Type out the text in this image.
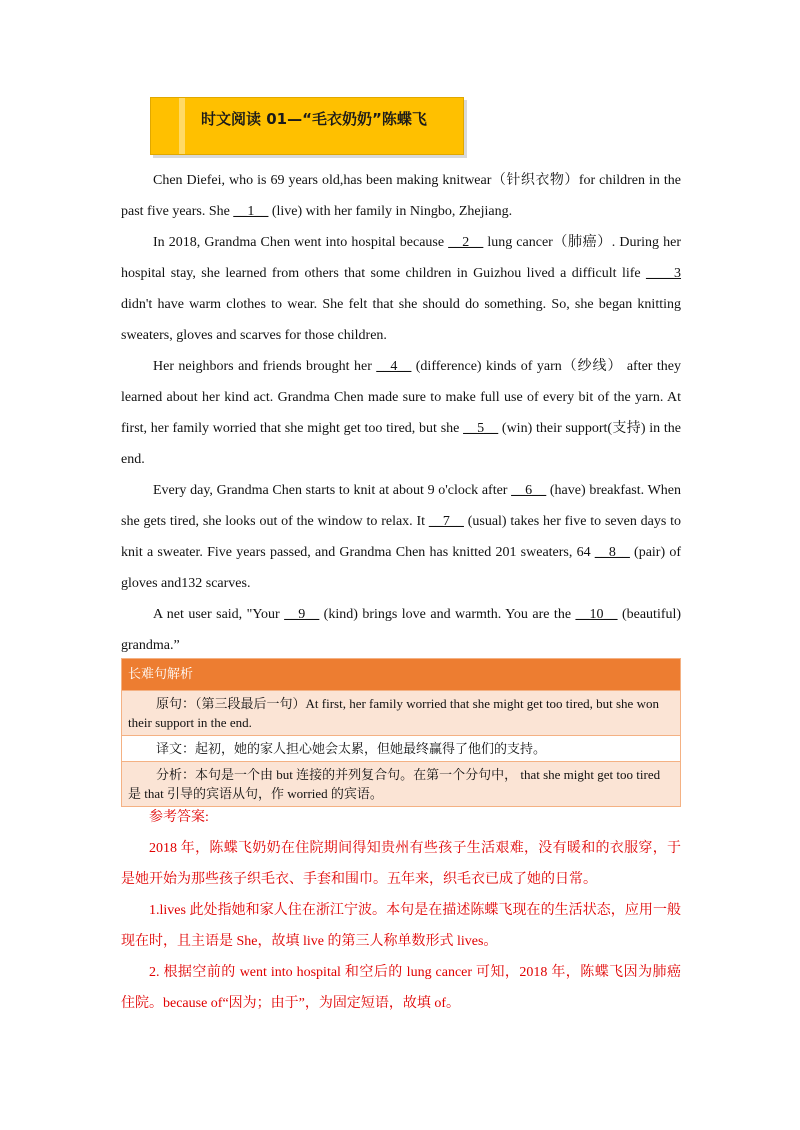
时文阅读 01—“毛衣奶奶”陈蝶飞

Chen Diefei, who is 69 years old,has been making knitwear（针织衣物）for children in the past five years. She __1__ (live) with her family in Ningbo, Zhejiang.

In 2018, Grandma Chen went into hospital because __2__ lung cancer（肺癌）. During her hospital stay, she learned from others that some children in Guizhou lived a difficult life ____3 didn't have warm clothes to wear. She felt that she should do something. So, she began knitting sweaters, gloves and scarves for those children.

Her neighbors and friends brought her __4__ (difference) kinds of yarn（纱线） after they learned about her kind act. Grandma Chen made sure to make full use of every bit of the yarn. At first, her family worried that she might get too tired, but she __5__ (win) their support(支持) in the end.

Every day, Grandma Chen starts to knit at about 9 o'clock after __6__ (have) breakfast. When she gets tired, she looks out of the window to relax. It __7__ (usual) takes her five to seven days to knit a sweater. Five years passed, and Grandma Chen has knitted 201 sweaters, 64 __8__ (pair) of gloves and132 scarves.

A net user said, "Your __9__ (kind) brings love and warmth. You are the __10__ (beautiful) grandma.”

长难句解析
原句：（第三段最后一句）At first, her family worried that she might get too tired, but she won their support in the end.
译文：起初，她的家人担心她会太累，但她最终赢得了他们的支持。
分析：本句是一个由 but 连接的并列复合句。在第一个分句中， that she might get too tired 是 that 引导的宾语从句，作 worried 的宾语。

参考答案:

2018 年，陈蝶飞奶奶在住院期间得知贵州有些孩子生活艰难，没有暖和的衣服穿，于是她开始为那些孩子织毛衣、手套和围巾。五年来，织毛衣已成了她的日常。

1.lives 此处指她和家人住在浙江宁波。本句是在描述陈蝶飞现在的生活状态，应用一般现在时，且主语是 She，故填 live 的第三人称单数形式 lives。

2. 根据空前的 went into hospital 和空后的 lung cancer 可知，2018 年，陈蝶飞因为肺癌住院。because of“因为；由于”，为固定短语，故填 of。
